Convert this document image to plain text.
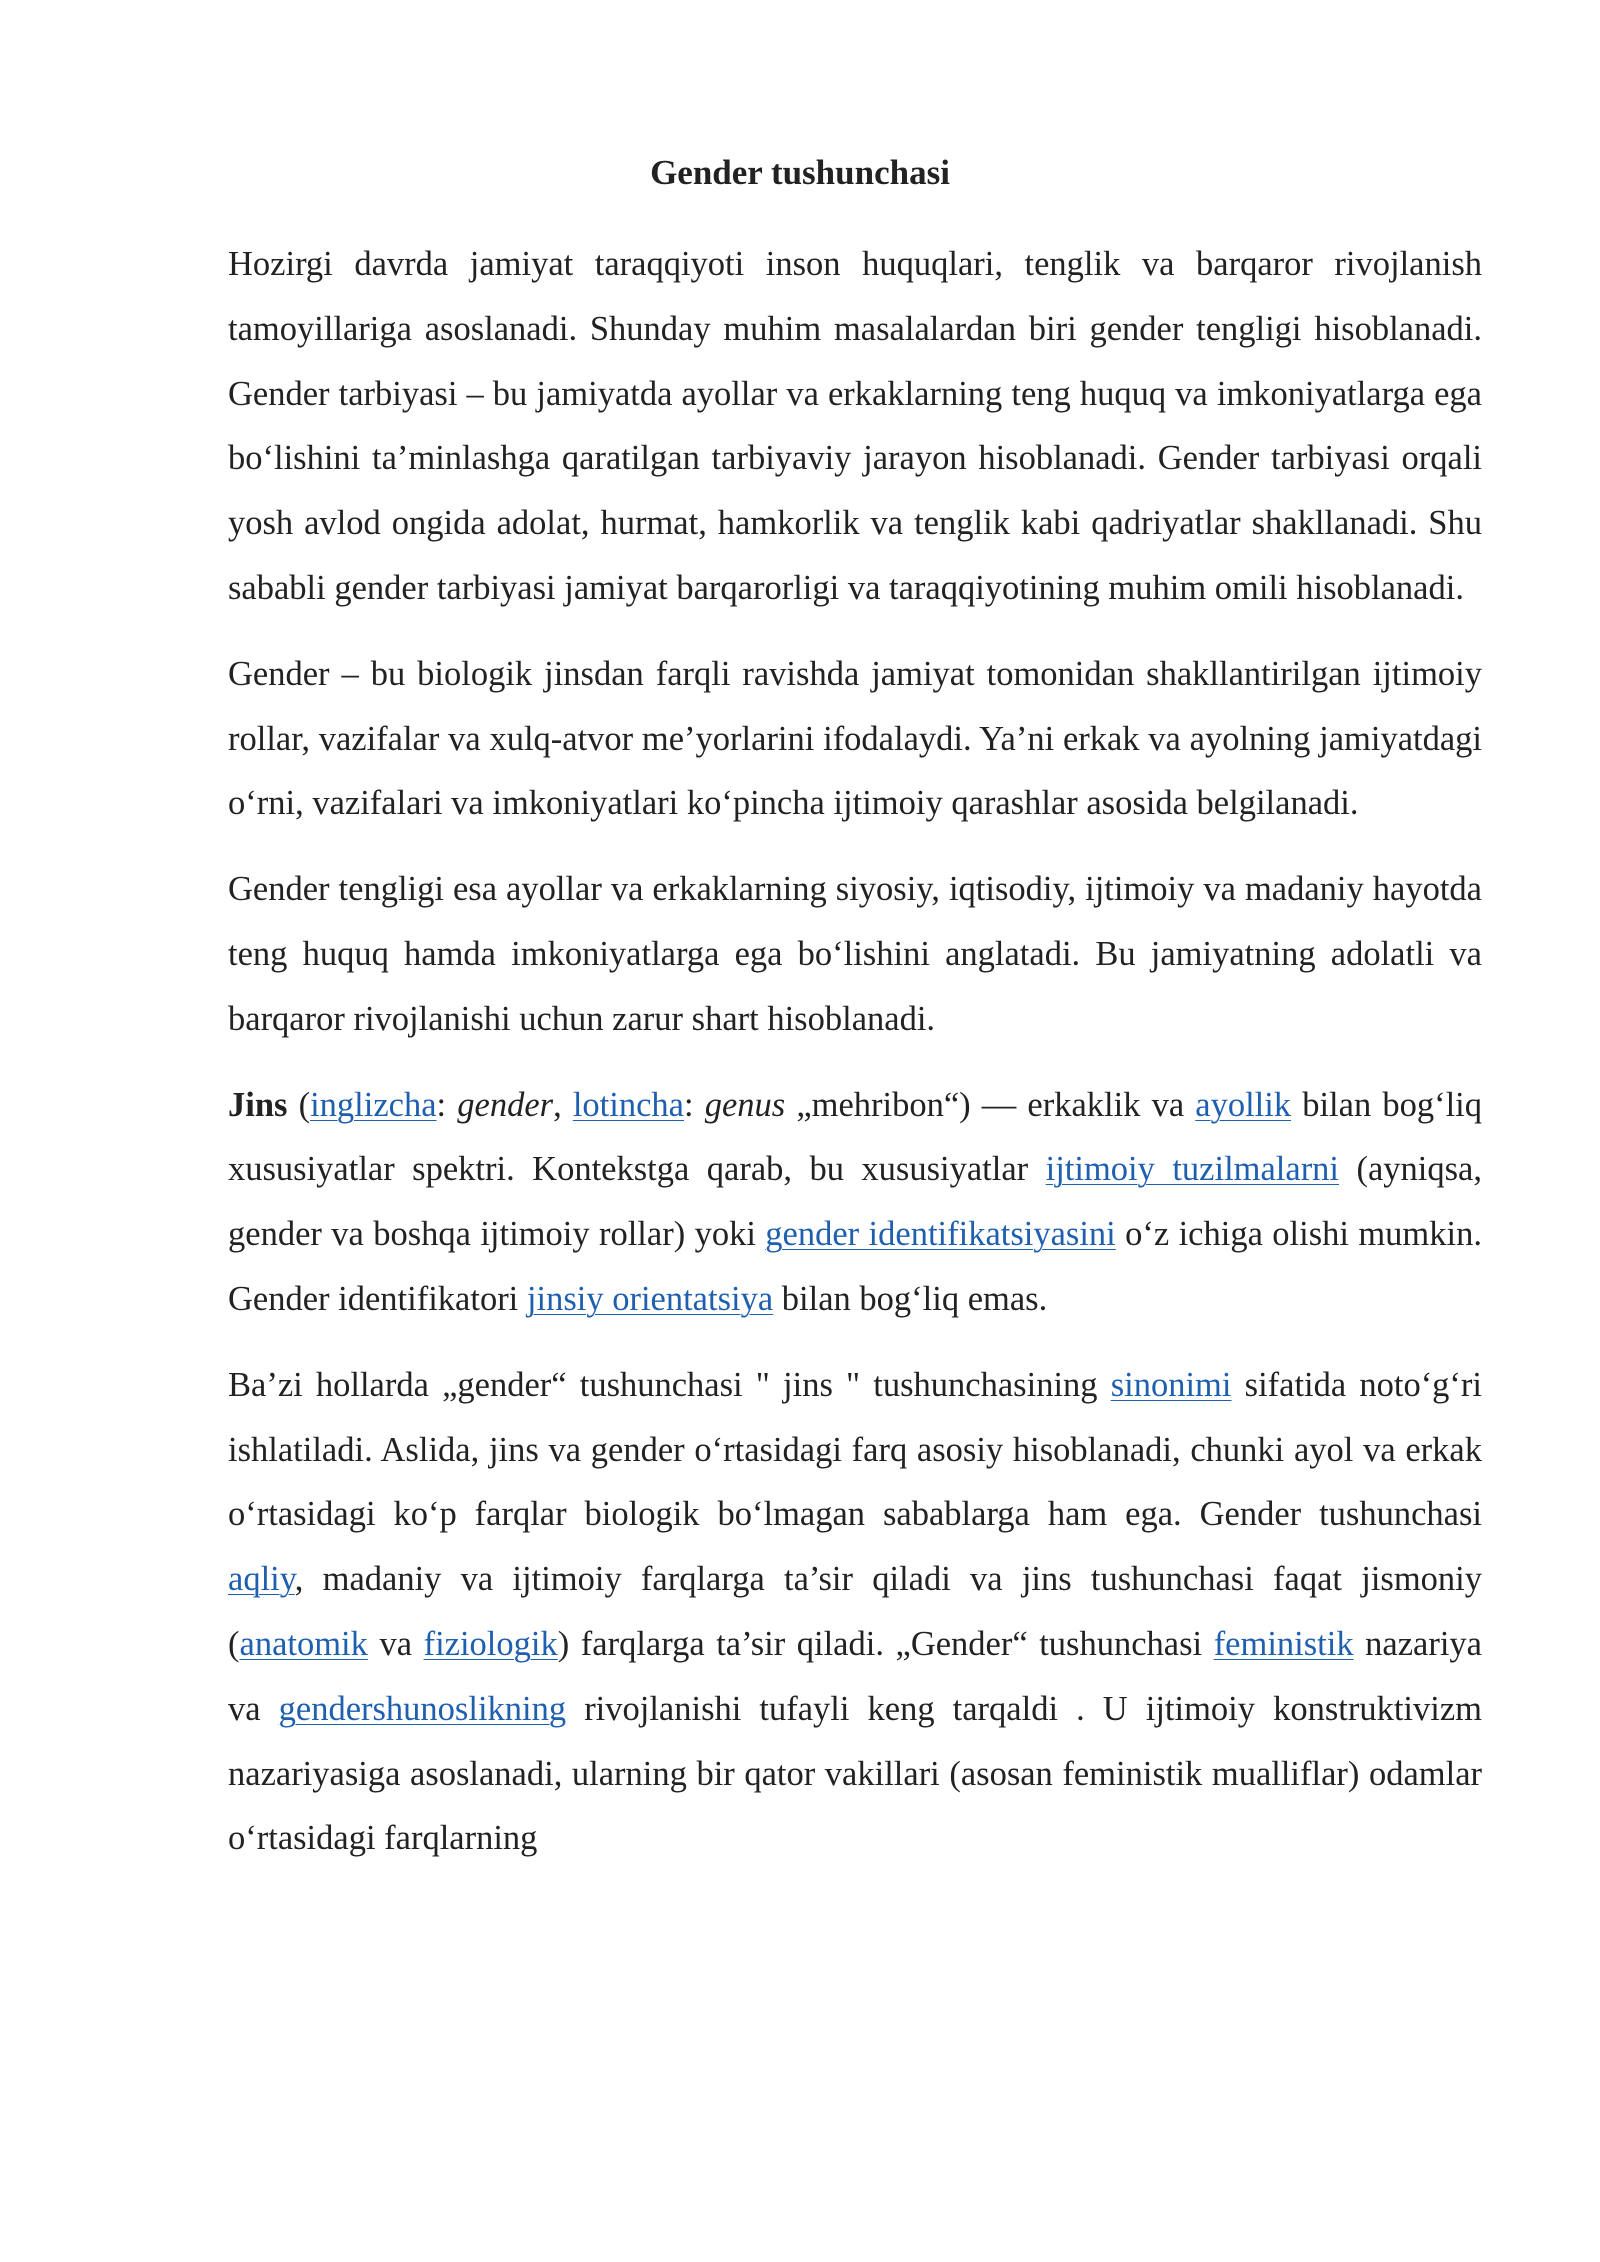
Gender tushunchasi

Hozirgi davrda jamiyat taraqqiyoti inson huquqlari, tenglik va barqaror rivojlanish tamoyillariga asoslanadi. Shunday muhim masalalardan biri gender tengligi hisoblanadi. Gender tarbiyasi – bu jamiyatda ayollar va erkaklarning teng huquq va imkoniyatlarga ega bo‘lishini ta’minlashga qaratilgan tarbiyaviy jarayon hisoblanadi. Gender tarbiyasi orqali yosh avlod ongida adolat, hurmat, hamkorlik va tenglik kabi qadriyatlar shakllanadi. Shu sababli gender tarbiyasi jamiyat barqarorligi va taraqqiyotining muhim omili hisoblanadi.

Gender – bu biologik jinsdan farqli ravishda jamiyat tomonidan shakllantirilgan ijtimoiy rollar, vazifalar va xulq-atvor me’yorlarini ifodalaydi. Ya’ni erkak va ayolning jamiyatdagi o‘rni, vazifalari va imkoniyatlari ko‘pincha ijtimoiy qarashlar asosida belgilanadi.

Gender tengligi esa ayollar va erkaklarning siyosiy, iqtisodiy, ijtimoiy va madaniy hayotda teng huquq hamda imkoniyatlarga ega bo‘lishini anglatadi. Bu jamiyatning adolatli va barqaror rivojlanishi uchun zarur shart hisoblanadi.

Jins (inglizcha: gender, lotincha: genus „mehribon“) — erkaklik va ayollik bilan bog‘liq xususiyatlar spektri. Kontekstga qarab, bu xususiyatlar ijtimoiy tuzilmalarni (ayniqsa, gender va boshqa ijtimoiy rollar) yoki gender identifikatsiyasini o‘z ichiga olishi mumkin. Gender identifikatori jinsiy orientatsiya bilan bog‘liq emas.

Ba’zi hollarda „gender“ tushunchasi " jins " tushunchasining sinonimi sifatida noto‘g‘ri ishlatiladi. Aslida, jins va gender o‘rtasidagi farq asosiy hisoblanadi, chunki ayol va erkak o‘rtasidagi ko‘p farqlar biologik bo‘lmagan sabablarga ham ega. Gender tushunchasi aqliy, madaniy va ijtimoiy farqlarga ta’sir qiladi va jins tushunchasi faqat jismoniy (anatomik va fiziologik) farqlarga ta’sir qiladi. „Gender“ tushunchasi feministik nazariya va gendershunoslikning rivojlanishi tufayli keng tarqaldi . U ijtimoiy konstruktivizm nazariyasiga asoslanadi, ularning bir qator vakillari (asosan feministik mualliflar) odamlar o‘rtasidagi farqlarning
